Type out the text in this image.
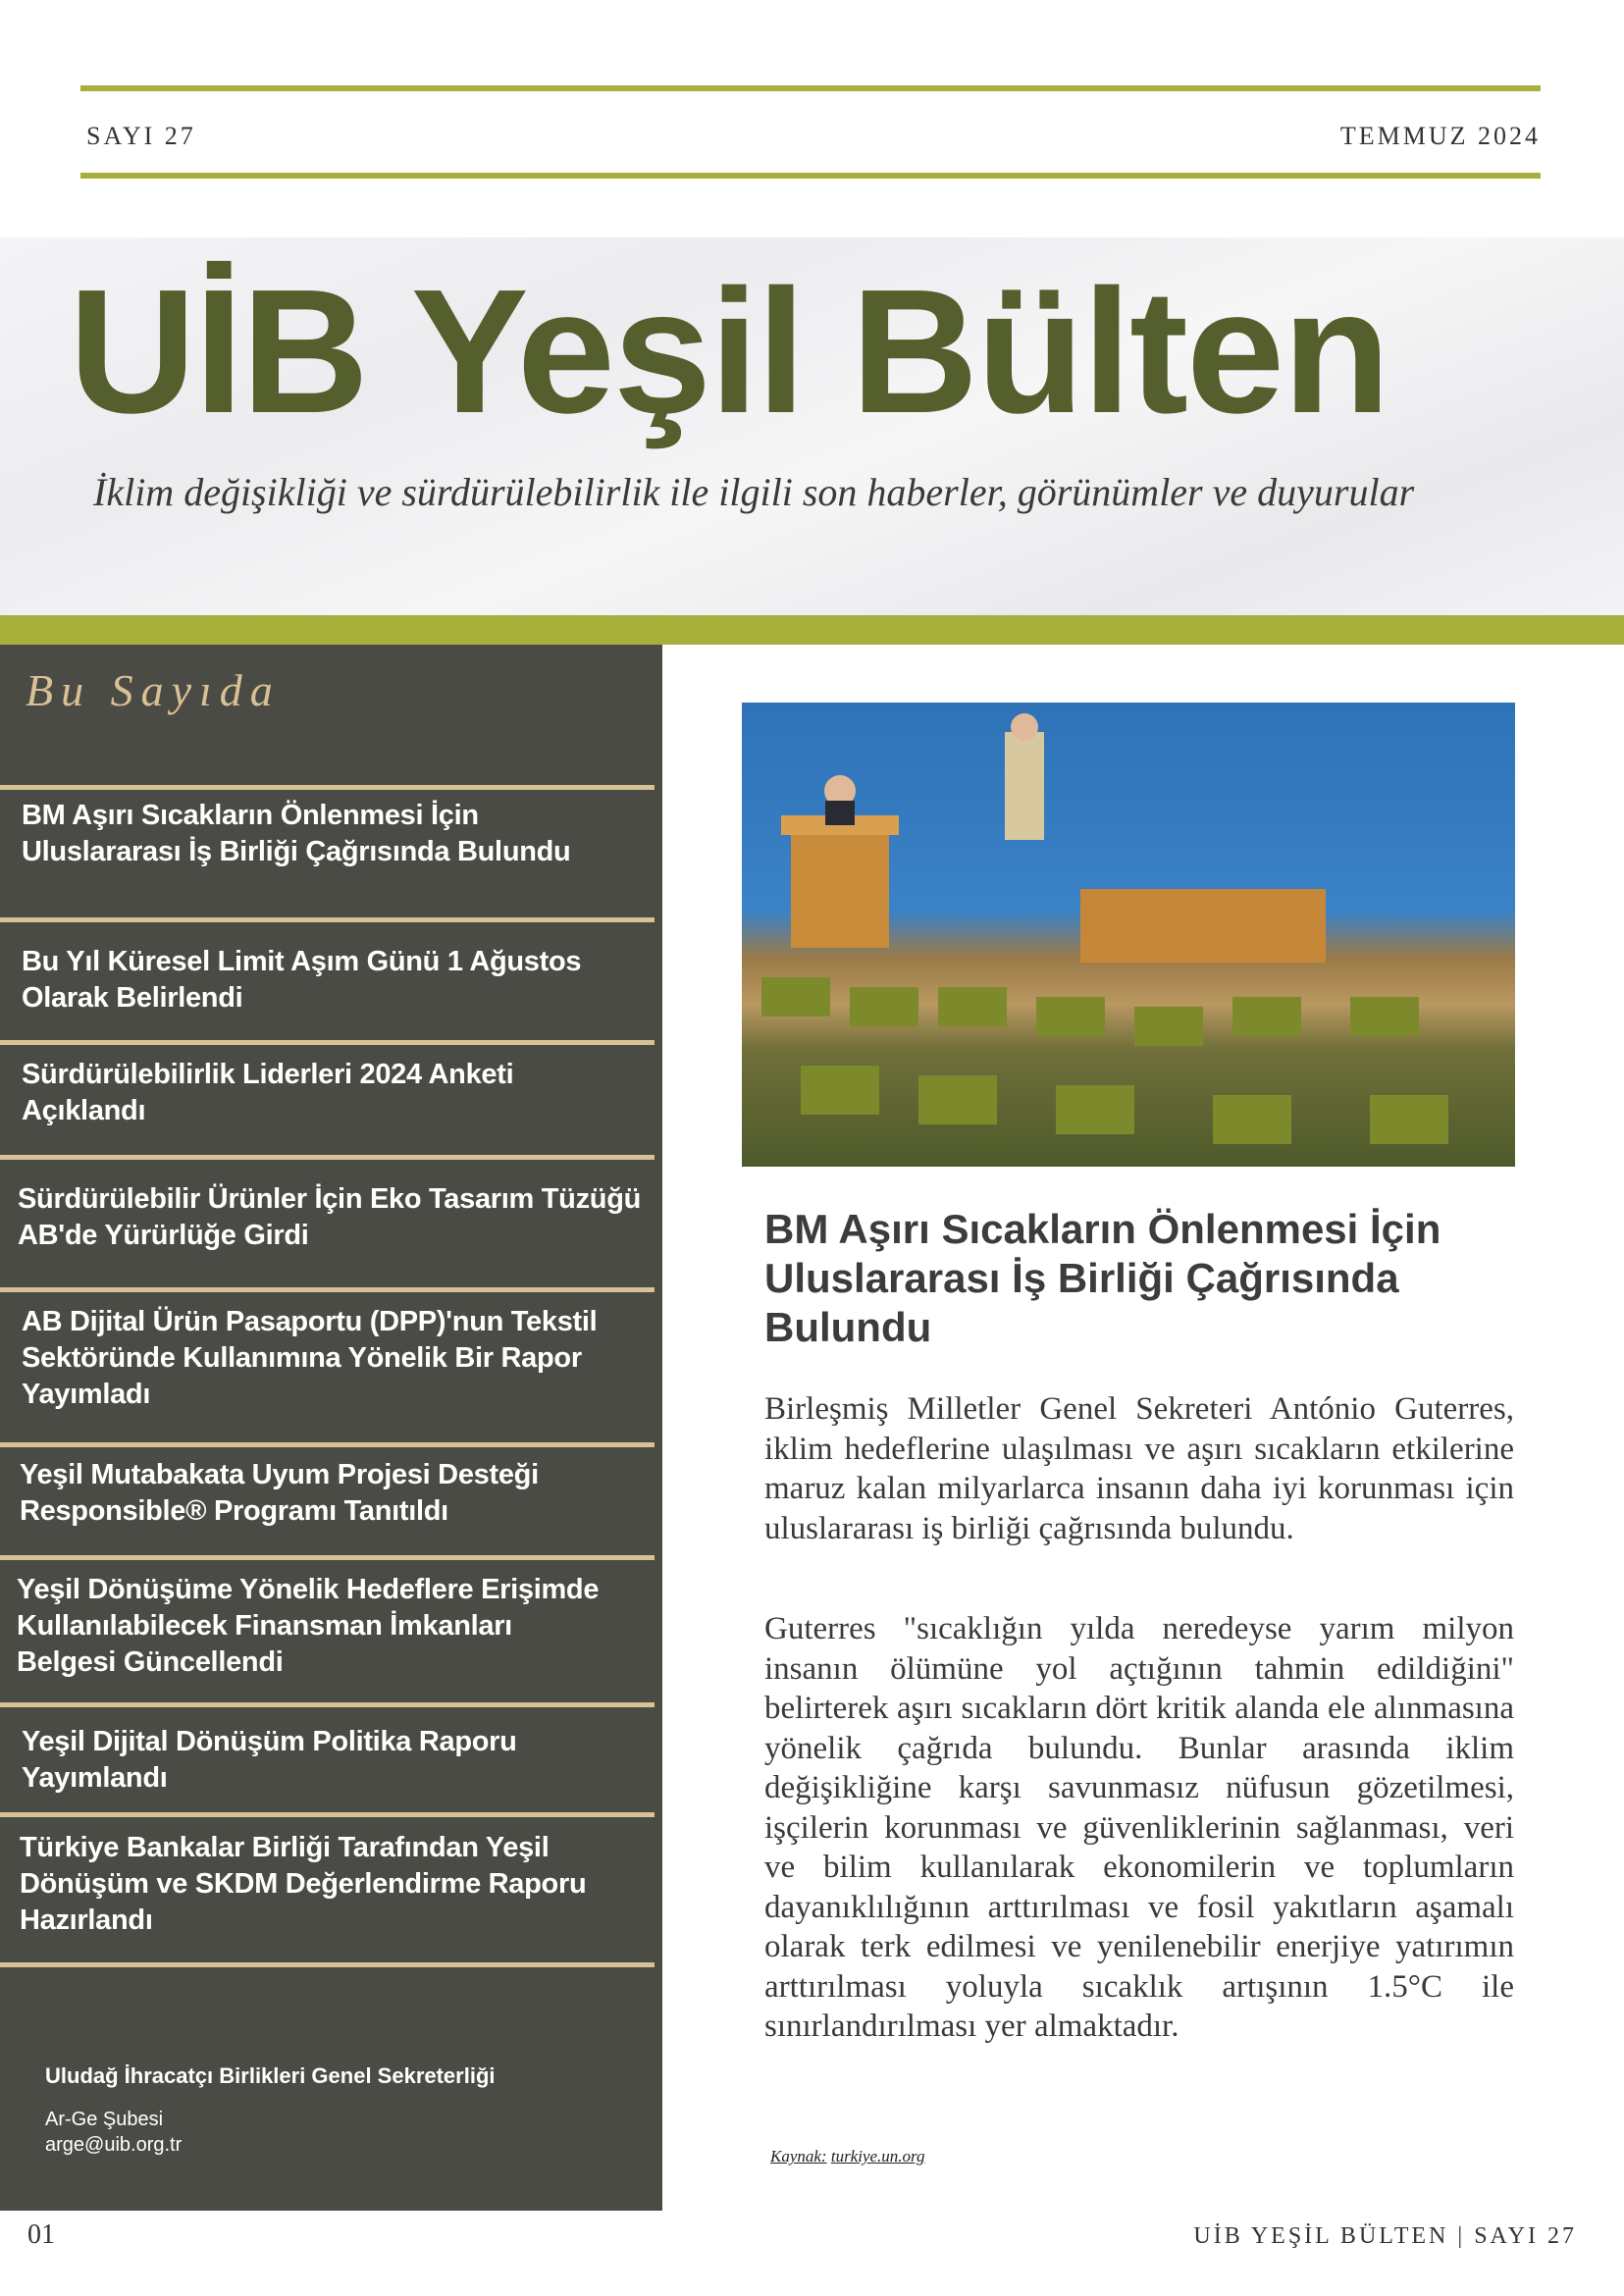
SAYI 27	TEMMUZ 2024
UİB Yeşil Bülten
İklim değişikliği ve sürdürülebilirlik ile ilgili son haberler, görünümler ve duyurular
Bu Sayıda
BM Aşırı Sıcakların Önlenmesi İçin Uluslararası İş Birliği Çağrısında Bulundu
Bu Yıl Küresel Limit Aşım Günü 1 Ağustos Olarak Belirlendi
Sürdürülebilirlik Liderleri 2024 Anketi Açıklandı
Sürdürülebilir Ürünler İçin Eko Tasarım Tüzüğü AB'de Yürürlüğe Girdi
AB Dijital Ürün Pasaportu (DPP)'nun Tekstil Sektöründe Kullanımına Yönelik Bir Rapor Yayımladı
Yeşil Mutabakata Uyum Projesi Desteği Responsible® Programı Tanıtıldı
Yeşil Dönüşüme Yönelik Hedeflere Erişimde Kullanılabilecek Finansman İmkanları Belgesi Güncellendi
Yeşil Dijital Dönüşüm Politika Raporu Yayımlandı
Türkiye Bankalar Birliği Tarafından Yeşil Dönüşüm ve SKDM Değerlendirme Raporu Hazırlandı
Uludağ İhracatçı Birlikleri Genel Sekreterliği
Ar-Ge Şubesi
arge@uib.org.tr
BM Aşırı Sıcakların Önlenmesi İçin Uluslararası İş Birliği Çağrısında Bulundu
Birleşmiş Milletler Genel Sekreteri António Guterres, iklim hedeflerine ulaşılması ve aşırı sıcakların etkilerine maruz kalan milyarlarca insanın daha iyi korunması için uluslararası iş birliği çağrısında bulundu.
Guterres "sıcaklığın yılda neredeyse yarım milyon insanın ölümüne yol açtığının tahmin edildiğini" belirterek aşırı sıcakların dört kritik alanda ele alınmasına yönelik çağrıda bulundu. Bunlar arasında iklim değişikliğine karşı savunmasız nüfusun gözetilmesi, işçilerin korunması ve güvenliklerinin sağlanması, veri ve bilim kullanılarak ekonomilerin ve toplumların dayanıklılığının arttırılması ve fosil yakıtların aşamalı olarak terk edilmesi ve yenilenebilir enerjiye yatırımın arttırılması yoluyla sıcaklık artışının 1.5°C ile sınırlandırılması yer almaktadır.
Kaynak: turkiye.un.org
01	UİB YEŞİL BÜLTEN | SAYI 27
